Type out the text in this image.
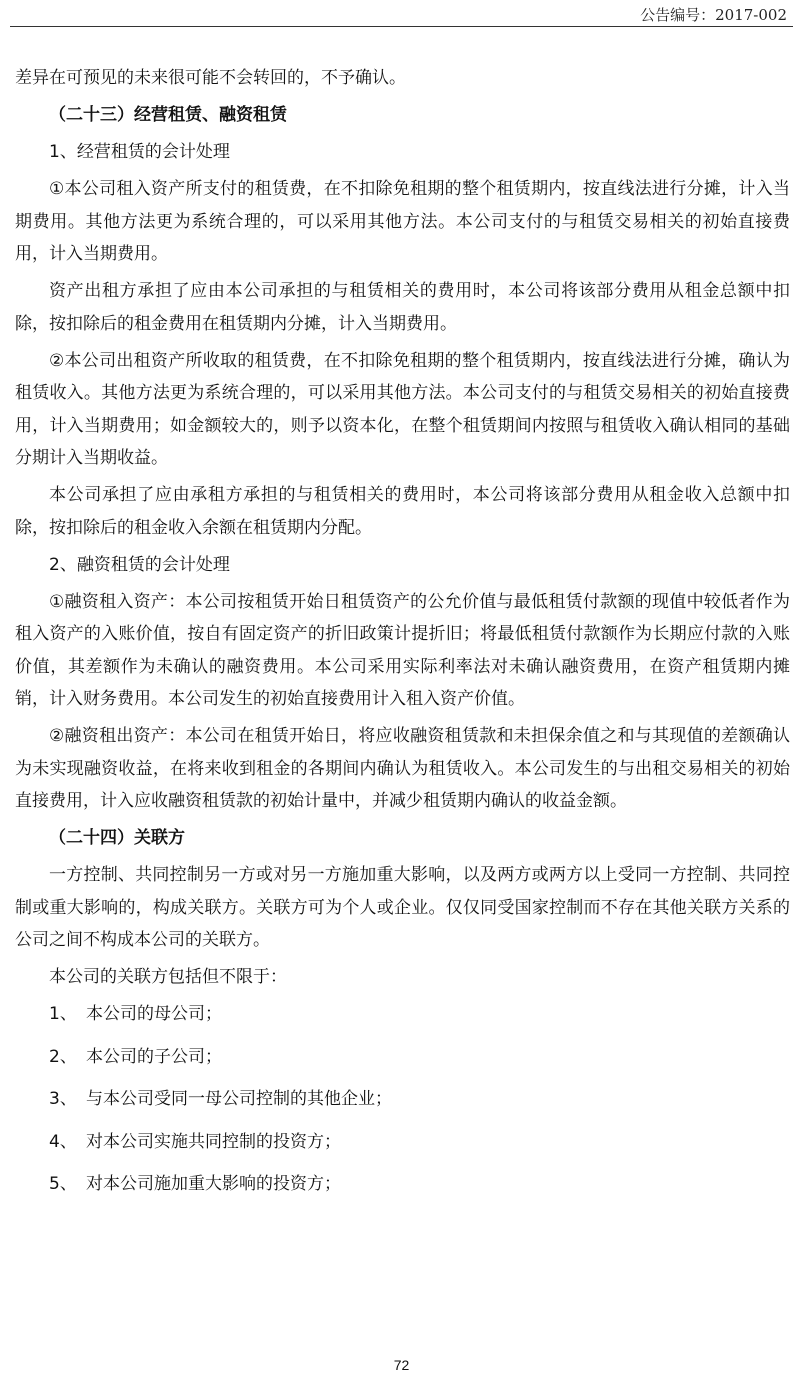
公告编号：2017-002

差异在可预见的未来很可能不会转回的，不予确认。

（二十三）经营租赁、融资租赁

1、经营租赁的会计处理

①本公司租入资产所支付的租赁费，在不扣除免租期的整个租赁期内，按直线法进行分摊，计入当期费用。其他方法更为系统合理的，可以采用其他方法。本公司支付的与租赁交易相关的初始直接费用，计入当期费用。

资产出租方承担了应由本公司承担的与租赁相关的费用时，本公司将该部分费用从租金总额中扣除，按扣除后的租金费用在租赁期内分摊，计入当期费用。

②本公司出租资产所收取的租赁费，在不扣除免租期的整个租赁期内，按直线法进行分摊，确认为租赁收入。其他方法更为系统合理的，可以采用其他方法。本公司支付的与租赁交易相关的初始直接费用，计入当期费用；如金额较大的，则予以资本化，在整个租赁期间内按照与租赁收入确认相同的基础分期计入当期收益。

本公司承担了应由承租方承担的与租赁相关的费用时，本公司将该部分费用从租金收入总额中扣除，按扣除后的租金收入余额在租赁期内分配。

2、融资租赁的会计处理

①融资租入资产：本公司按租赁开始日租赁资产的公允价值与最低租赁付款额的现值中较低者作为租入资产的入账价值，按自有固定资产的折旧政策计提折旧；将最低租赁付款额作为长期应付款的入账价值，其差额作为未确认的融资费用。本公司采用实际利率法对未确认融资费用，在资产租赁期内摊销，计入财务费用。本公司发生的初始直接费用计入租入资产价值。

②融资租出资产：本公司在租赁开始日，将应收融资租赁款和未担保余值之和与其现值的差额确认为未实现融资收益，在将来收到租金的各期间内确认为租赁收入。本公司发生的与出租交易相关的初始直接费用，计入应收融资租赁款的初始计量中，并减少租赁期内确认的收益金额。

（二十四）关联方

一方控制、共同控制另一方或对另一方施加重大影响，以及两方或两方以上受同一方控制、共同控制或重大影响的，构成关联方。关联方可为个人或企业。仅仅同受国家控制而不存在其他关联方关系的公司之间不构成本公司的关联方。

本公司的关联方包括但不限于：

1、 本公司的母公司；
2、 本公司的子公司；
3、 与本公司受同一母公司控制的其他企业；
4、 对本公司实施共同控制的投资方；
5、 对本公司施加重大影响的投资方；
72
